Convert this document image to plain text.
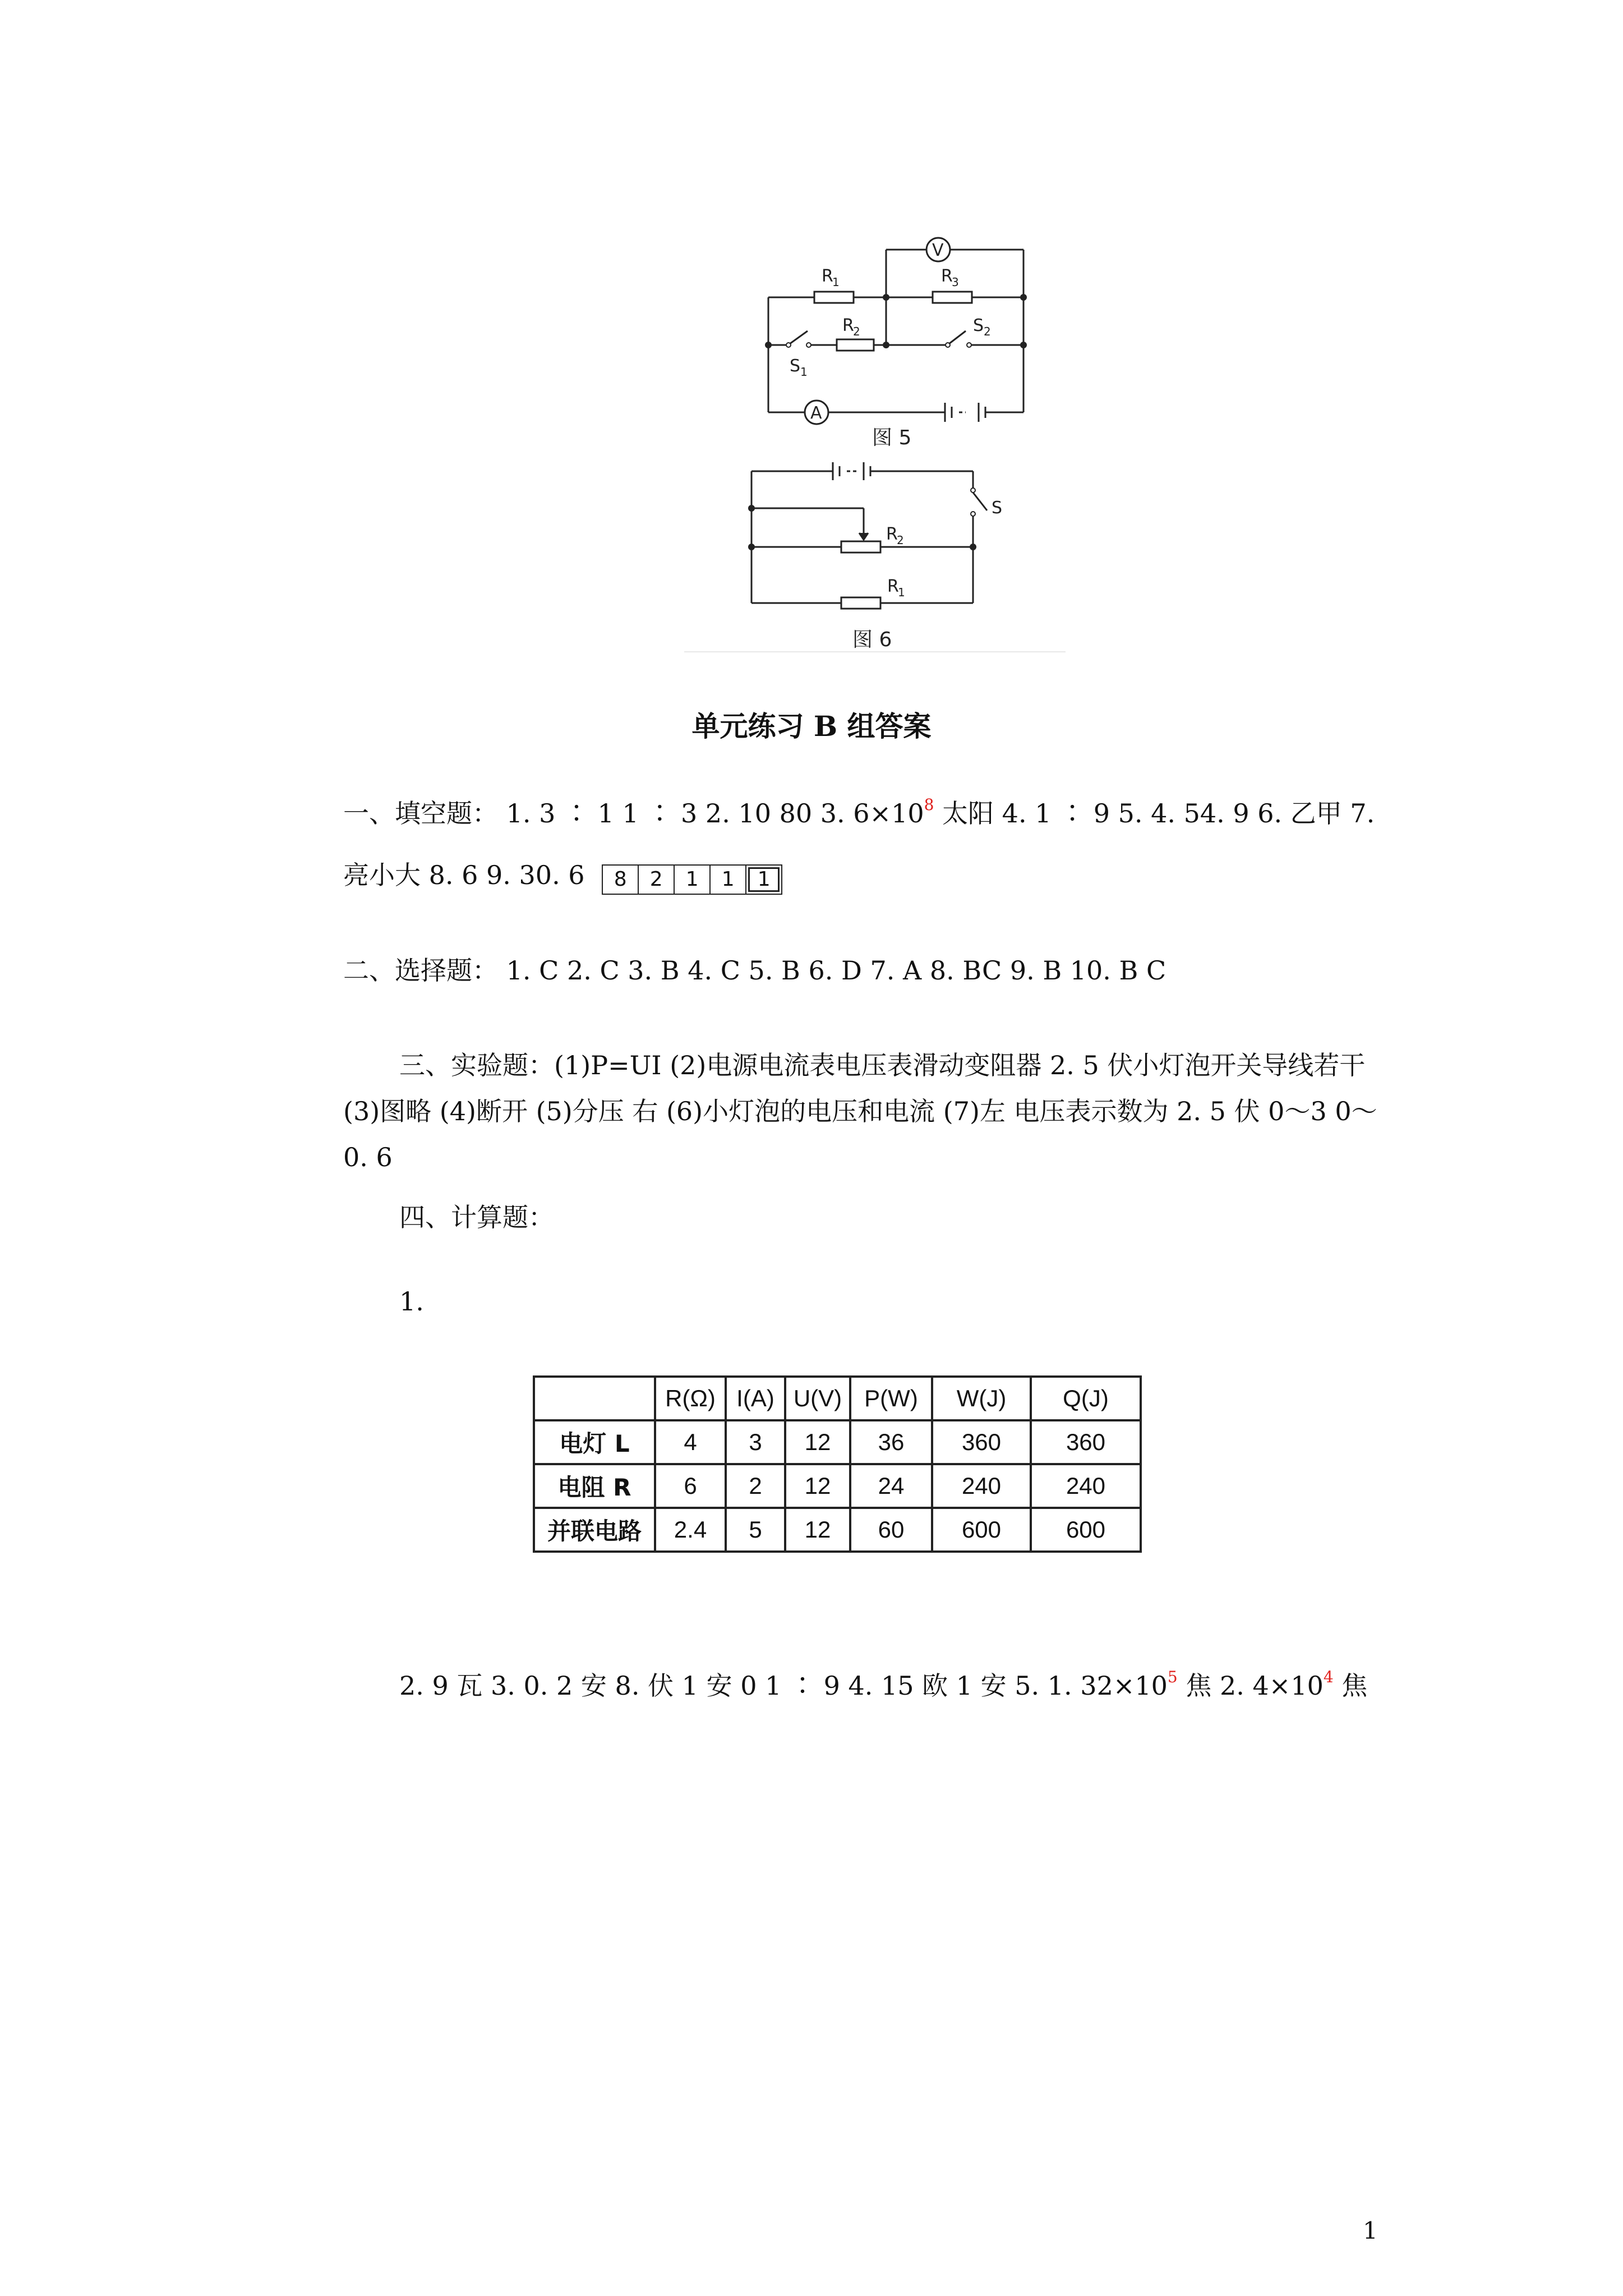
V
A
R
1	R
3
R
2
S 1
S 2
图 5
R
2
R
1
S
图 6
单元练习 B 组答案
一、填空题： 1. 3 ∶ 1 1 ∶ 3 2. 10 80 3. $6\times 10^8$ 太阳 4. 1 ∶ 9 5. 4. 54. 9 6. 乙甲 7.
亮小大 8. 6 9. 30. 6 8 2 1 1 1
二、选择题： 1. C 2. C 3. B 4. C 5. B 6. D 7. A 8. BC 9. B 10. B C
三、实验题：(1)P=UI (2)电源电流表电压表滑动变阻器 2. 5 伏小灯泡开关导线若干 (3)图略 (4)断开 (5)分压 右 (6)小灯泡的电压和电流 (7)左 电压表示数为 2. 5 伏 0～3 0～0. 6
四、计算题：
1.
	R(Ω)	I(A)	U(V)	P(W)	W(J)	Q(J)
电灯 L	4	3	12	36	360	360
电阻 R	6	2	12	24	240	240
并联电路	2.4	5	12	60	600	600
2. 9 瓦 3. 0. 2 安 8. 伏 1 安 0 1 ∶ 9 4. 15 欧 1 安 5. 1. $32\times 10^5$ 焦 2. $4\times 10^4$ 焦
1
